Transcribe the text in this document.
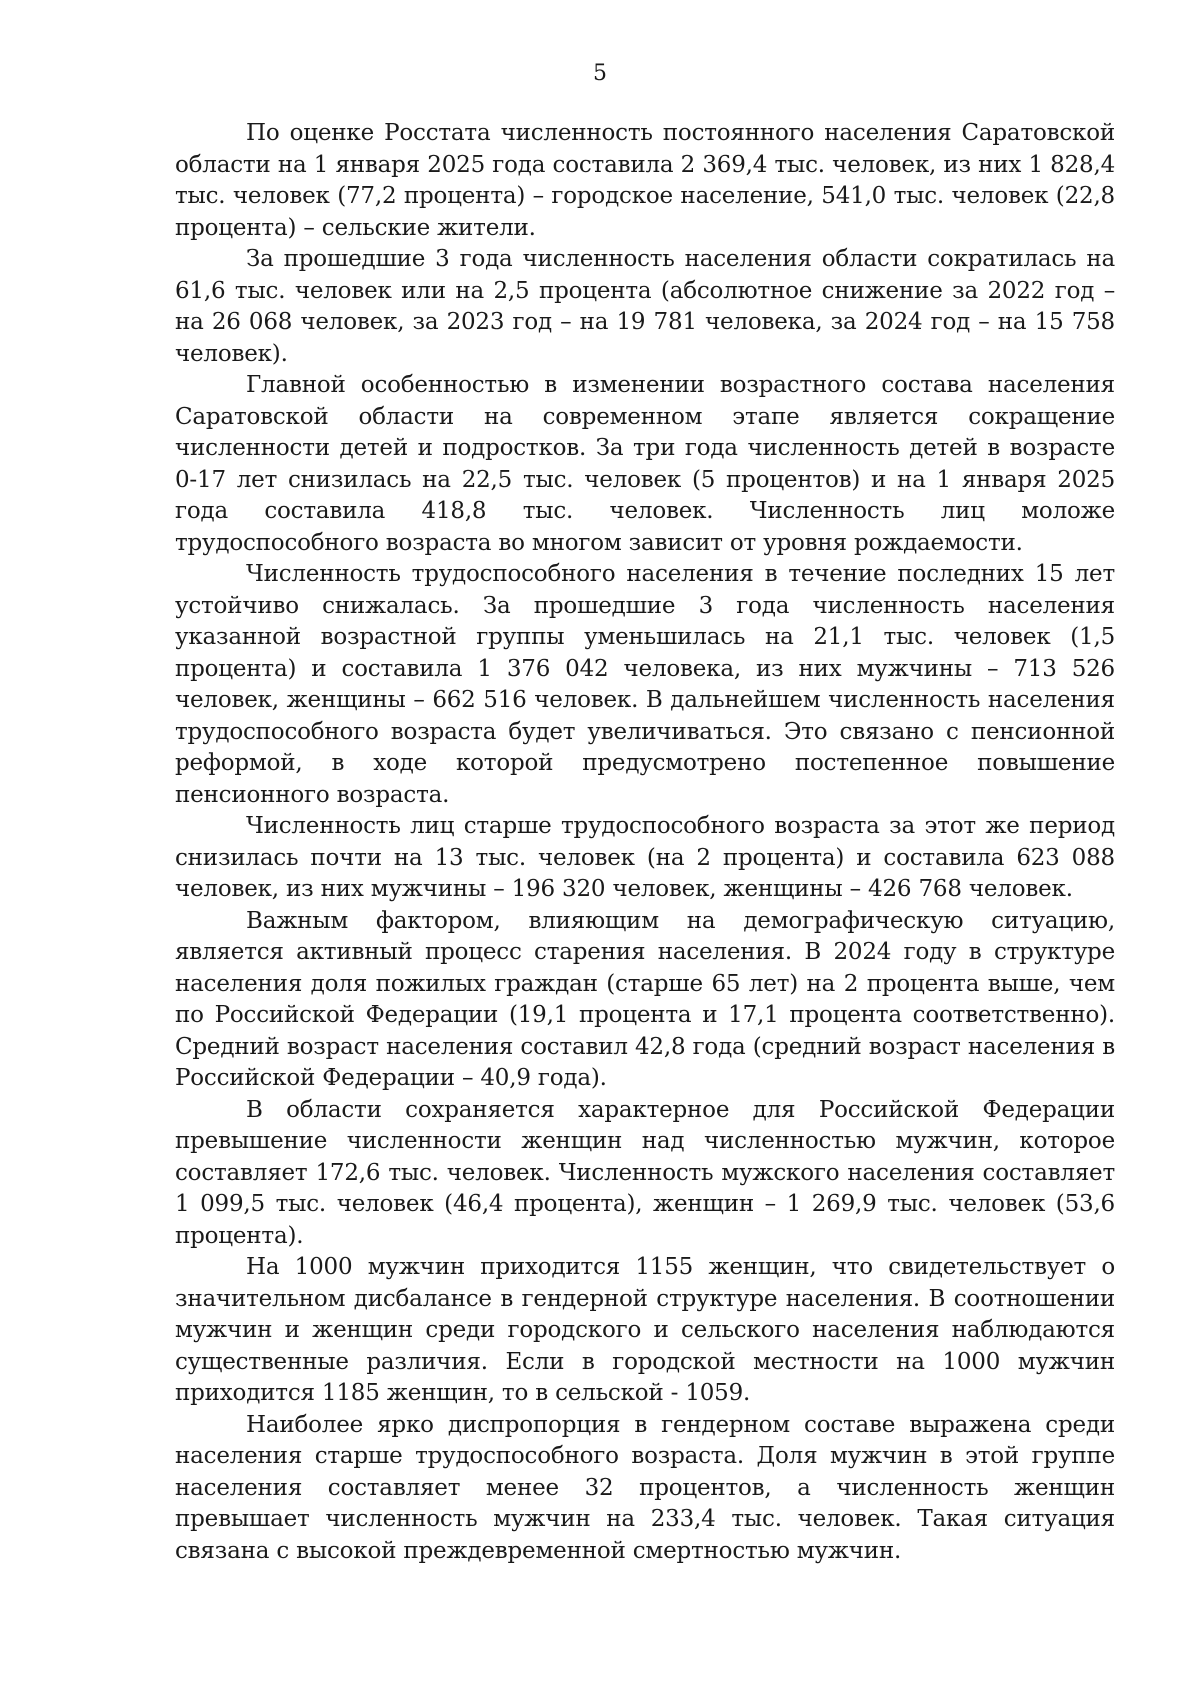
5

По оценке Росстата численность постоянного населения Саратовской области на 1 января 2025 года составила 2 369,4 тыс. человек, из них 1 828,4 тыс. человек (77,2 процента) – городское население, 541,0 тыс. человек (22,8 процента) – сельские жители.

За прошедшие 3 года численность населения области сократилась на 61,6 тыс. человек или на 2,5 процента (абсолютное снижение за 2022 год – на 26 068 человек, за 2023 год – на 19 781 человека, за 2024 год – на 15 758 человек).

Главной особенностью в изменении возрастного состава населения Саратовской области на современном этапе является сокращение численности детей и подростков. За три года численность детей в возрасте 0-17 лет снизилась на 22,5 тыс. человек (5 процентов) и на 1 января 2025 года составила 418,8 тыс. человек. Численность лиц моложе трудоспособного возраста во многом зависит от уровня рождаемости.

Численность трудоспособного населения в течение последних 15 лет устойчиво снижалась. За прошедшие 3 года численность населения указанной возрастной группы уменьшилась на 21,1 тыс. человек (1,5 процента) и составила 1 376 042 человека, из них мужчины – 713 526 человек, женщины – 662 516 человек. В дальнейшем численность населения трудоспособного возраста будет увеличиваться. Это связано с пенсионной реформой, в ходе которой предусмотрено постепенное повышение пенсионного возраста.

Численность лиц старше трудоспособного возраста за этот же период снизилась почти на 13 тыс. человек (на 2 процента) и составила 623 088 человек, из них мужчины – 196 320 человек, женщины – 426 768 человек.

Важным фактором, влияющим на демографическую ситуацию, является активный процесс старения населения. В 2024 году в структуре населения доля пожилых граждан (старше 65 лет) на 2 процента выше, чем по Российской Федерации (19,1 процента и 17,1 процента соответственно). Средний возраст населения составил 42,8 года (средний возраст населения в Российской Федерации – 40,9 года).

В области сохраняется характерное для Российской Федерации превышение численности женщин над численностью мужчин, которое составляет 172,6 тыс. человек. Численность мужского населения составляет 1 099,5 тыс. человек (46,4 процента), женщин – 1 269,9 тыс. человек (53,6 процента).

На 1000 мужчин приходится 1155 женщин, что свидетельствует о значительном дисбалансе в гендерной структуре населения. В соотношении мужчин и женщин среди городского и сельского населения наблюдаются существенные различия. Если в городской местности на 1000 мужчин приходится 1185 женщин, то в сельской - 1059.

Наиболее ярко диспропорция в гендерном составе выражена среди населения старше трудоспособного возраста. Доля мужчин в этой группе населения составляет менее 32 процентов, а численность женщин превышает численность мужчин на 233,4 тыс. человек. Такая ситуация связана с высокой преждевременной смертностью мужчин.
